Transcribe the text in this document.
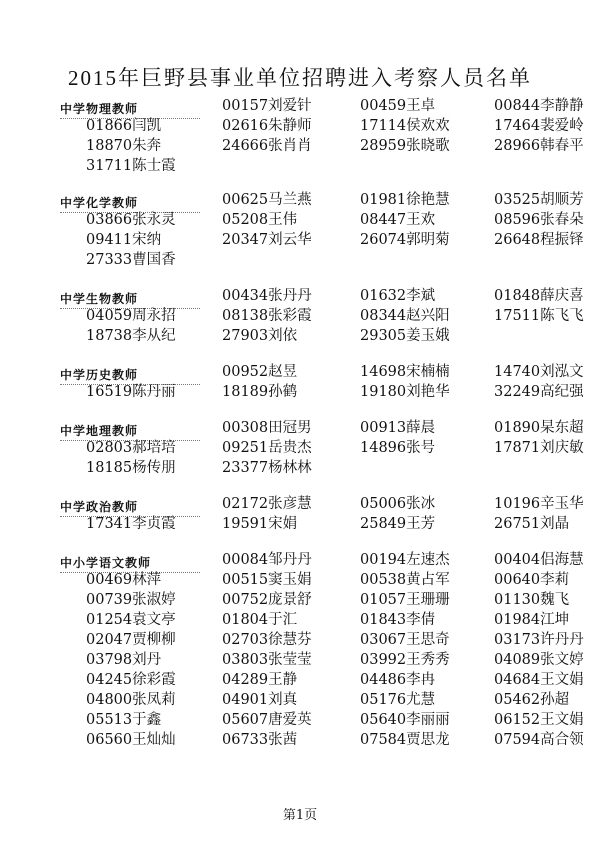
2015年巨野县事业单位招聘进入考察人员名单
中学物理教师	00157刘爱针	00459王卓	00844李静静
01866闫凯	02616朱静师	17114侯欢欢	17464裴爱岭
18870朱奔	24666张肖肖	28959张晓歌	28966韩春平
31711陈士霞
中学化学教师	00625马兰燕	01981徐艳慧	03525胡顺芳
03866张永灵	05208王伟	08447王欢	08596张春朵
09411宋纳	20347刘云华	26074郭明菊	26648程振铎
27333曹国香
中学生物教师	00434张丹丹	01632李斌	01848薛庆喜
04059周永招	08138张彩霞	08344赵兴阳	17511陈飞飞
18738李从纪	27903刘依	29305姜玉娥
中学历史教师	00952赵昱	14698宋楠楠	14740刘泓文
16519陈丹丽	18189孙鹤	19180刘艳华	32249高纪强
中学地理教师	00308田冠男	00913薛晨	01890杲东超
02803郝培培	09251岳贵杰	14896张号	17871刘庆敏
18185杨传朋	23377杨林林
中学政治教师	02172张彦慧	05006张冰	10196辛玉华
17341李贞霞	19591宋娟	25849王芳	26751刘晶
中小学语文教师	00084邹丹丹	00194左速杰	00404侣海慧
00469林萍	00515窦玉娟	00538黄占军	00640李莉
00739张淑婷	00752庞景舒	01057王珊珊	01130魏飞
01254袁文亭	01804于汇	01843李倩	01984江坤
02047贾柳柳	02703徐慧芬	03067王思奇	03173许丹丹
03798刘丹	03803张莹莹	03992王秀秀	04089张文婷
04245徐彩霞	04289王静	04486李冉	04684王文娟
04800张凤莉	04901刘真	05176尤慧	05462孙超
05513于鑫	05607唐爱英	05640李丽丽	06152王文娟
06560王灿灿	06733张茜	07584贾思龙	07594高合领
第1页
